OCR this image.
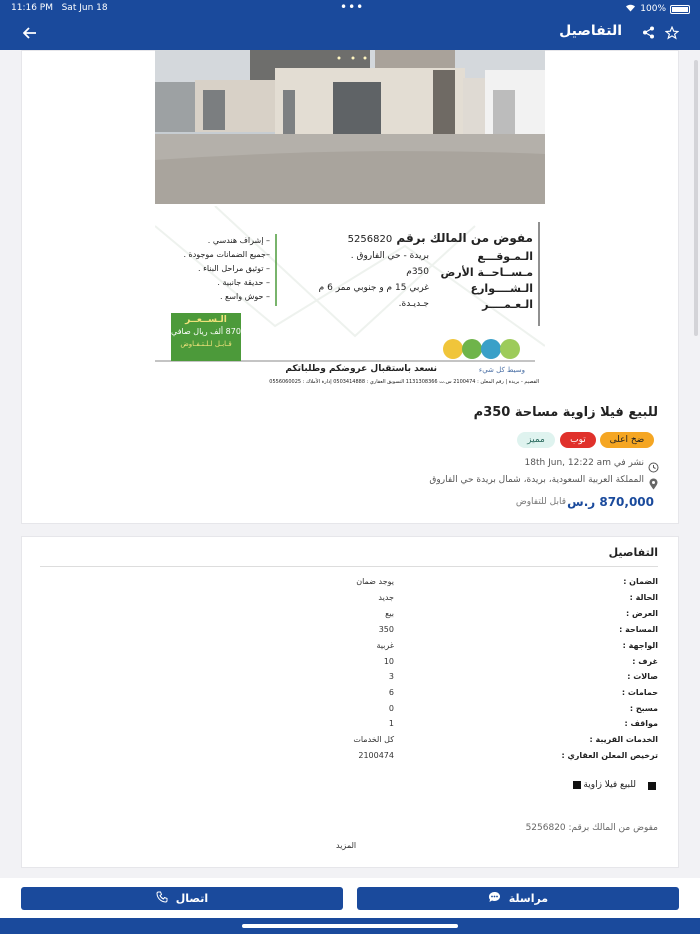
11:16 PM Sat Jun 18	•••	100%
التفاصيل
مفوض من المالك برقم 5256820
الـمـوقـــع
بريدة - حي الفاروق .
مـســاحــة الأرض
350م
الـشــــوارع
غربي 15 م و جنوبي ممر 6 م
الـعـمــــر
جـديـدة.
– إشراف هندسي .
–جميع الضمانات موجودة .
– توثيق مراحل البناء .
– حديقة جانبية .
– حوش واسع .
الـســعــر
870 ألف ريال صافي
قـابـل لـلـتـفـاوض
نسعد باستقبال عروضكم وطلباتكم	وسيط كل شيء
القصيم - بريدة | رقم المعلن : 2100474 س.ت 1131308366 التسويق العقاري : 0503414888 إدارة الأملاك : 0556060025
للبيع فيلا زاوية مساحة 350م
ضخ اعلى
توب
مميز
نشر في 18th Jun, 12:22 am
المملكة العربية السعودية، بريدة، شمال بريدة حي الفاروق
870,000 ر.س
قابل للتفاوض
التفاصيل
الضمان :
يوجد ضمان
الحالة :
جديد
العرض :
بيع
المساحة :
350
الواجهة :
غربية
غرف :
10
صالات :
3
حمامات :
6
مسبح :
0
مواقف :
1
الخدمات القريبة :
كل الخدمات
ترخيص المعلن العقاري :
2100474
للبيع فيلا زاوية
مفوض من المالك برقم: 5256820
المزيد
مراسلة
اتصال
